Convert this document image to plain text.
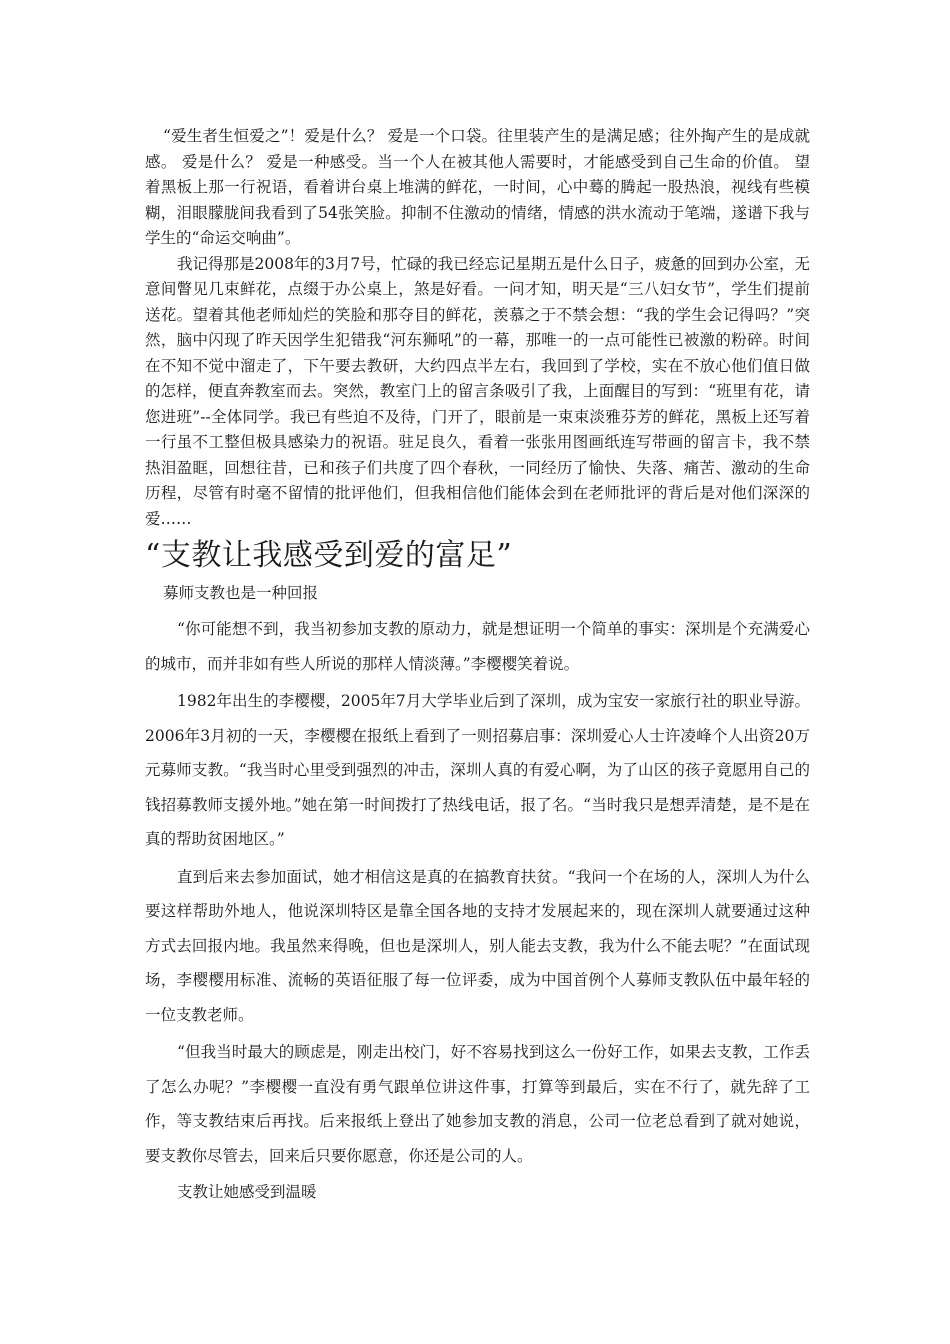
“爱生者生恒爱之”！爱是什么？ 爱是一个口袋。往里装产生的是满足感；往外掏产生的是成就感。 爱是什么？ 爱是一种感受。当一个人在被其他人需要时，才能感受到自己生命的价值。 望着黑板上那一行祝语，看着讲台桌上堆满的鲜花，一时间，心中蓦的腾起一股热浪，视线有些模糊，泪眼朦胧间我看到了54张笑脸。抑制不住激动的情绪，情感的洪水流动于笔端，遂谱下我与学生的“命运交响曲”。

我记得那是2008年的3月7号，忙碌的我已经忘记星期五是什么日子，疲惫的回到办公室，无意间瞥见几束鲜花，点缀于办公桌上，煞是好看。一问才知，明天是“三八妇女节”，学生们提前送花。望着其他老师灿烂的笑脸和那夺目的鲜花，羡慕之于不禁会想：“我的学生会记得吗？”突然，脑中闪现了昨天因学生犯错我“河东狮吼”的一幕，那唯一的一点可能性已被激的粉碎。时间在不知不觉中溜走了，下午要去教研，大约四点半左右，我回到了学校，实在不放心他们值日做的怎样，便直奔教室而去。突然，教室门上的留言条吸引了我，上面醒目的写到：“班里有花，请您进班”--全体同学。我已有些迫不及待，门开了，眼前是一束束淡雅芬芳的鲜花，黑板上还写着一行虽不工整但极具感染力的祝语。驻足良久，看着一张张用图画纸连写带画的留言卡，我不禁热泪盈眶，回想往昔，已和孩子们共度了四个春秋，一同经历了愉快、失落、痛苦、激动的生命历程，尽管有时毫不留情的批评他们，但我相信他们能体会到在老师批评的背后是对他们深深的爱……

“支教让我感受到爱的富足”
募师支教也是一种回报

“你可能想不到，我当初参加支教的原动力，就是想证明一个简单的事实：深圳是个充满爱心的城市，而并非如有些人所说的那样人情淡薄。”李樱樱笑着说。

1982年出生的李樱樱，2005年7月大学毕业后到了深圳，成为宝安一家旅行社的职业导游。2006年3月初的一天，李樱樱在报纸上看到了一则招募启事：深圳爱心人士许凌峰个人出资20万元募师支教。“我当时心里受到强烈的冲击，深圳人真的有爱心啊，为了山区的孩子竟愿用自己的钱招募教师支援外地。”她在第一时间拨打了热线电话，报了名。“当时我只是想弄清楚，是不是在真的帮助贫困地区。”

直到后来去参加面试，她才相信这是真的在搞教育扶贫。“我问一个在场的人，深圳人为什么要这样帮助外地人，他说深圳特区是靠全国各地的支持才发展起来的，现在深圳人就要通过这种方式去回报内地。我虽然来得晚，但也是深圳人，别人能去支教，我为什么不能去呢？”在面试现场，李樱樱用标准、流畅的英语征服了每一位评委，成为中国首例个人募师支教队伍中最年轻的一位支教老师。

“但我当时最大的顾虑是，刚走出校门，好不容易找到这么一份好工作，如果去支教，工作丢了怎么办呢？”李樱樱一直没有勇气跟单位讲这件事，打算等到最后，实在不行了，就先辞了工作，等支教结束后再找。后来报纸上登出了她参加支教的消息，公司一位老总看到了就对她说，要支教你尽管去，回来后只要你愿意，你还是公司的人。

支教让她感受到温暖
